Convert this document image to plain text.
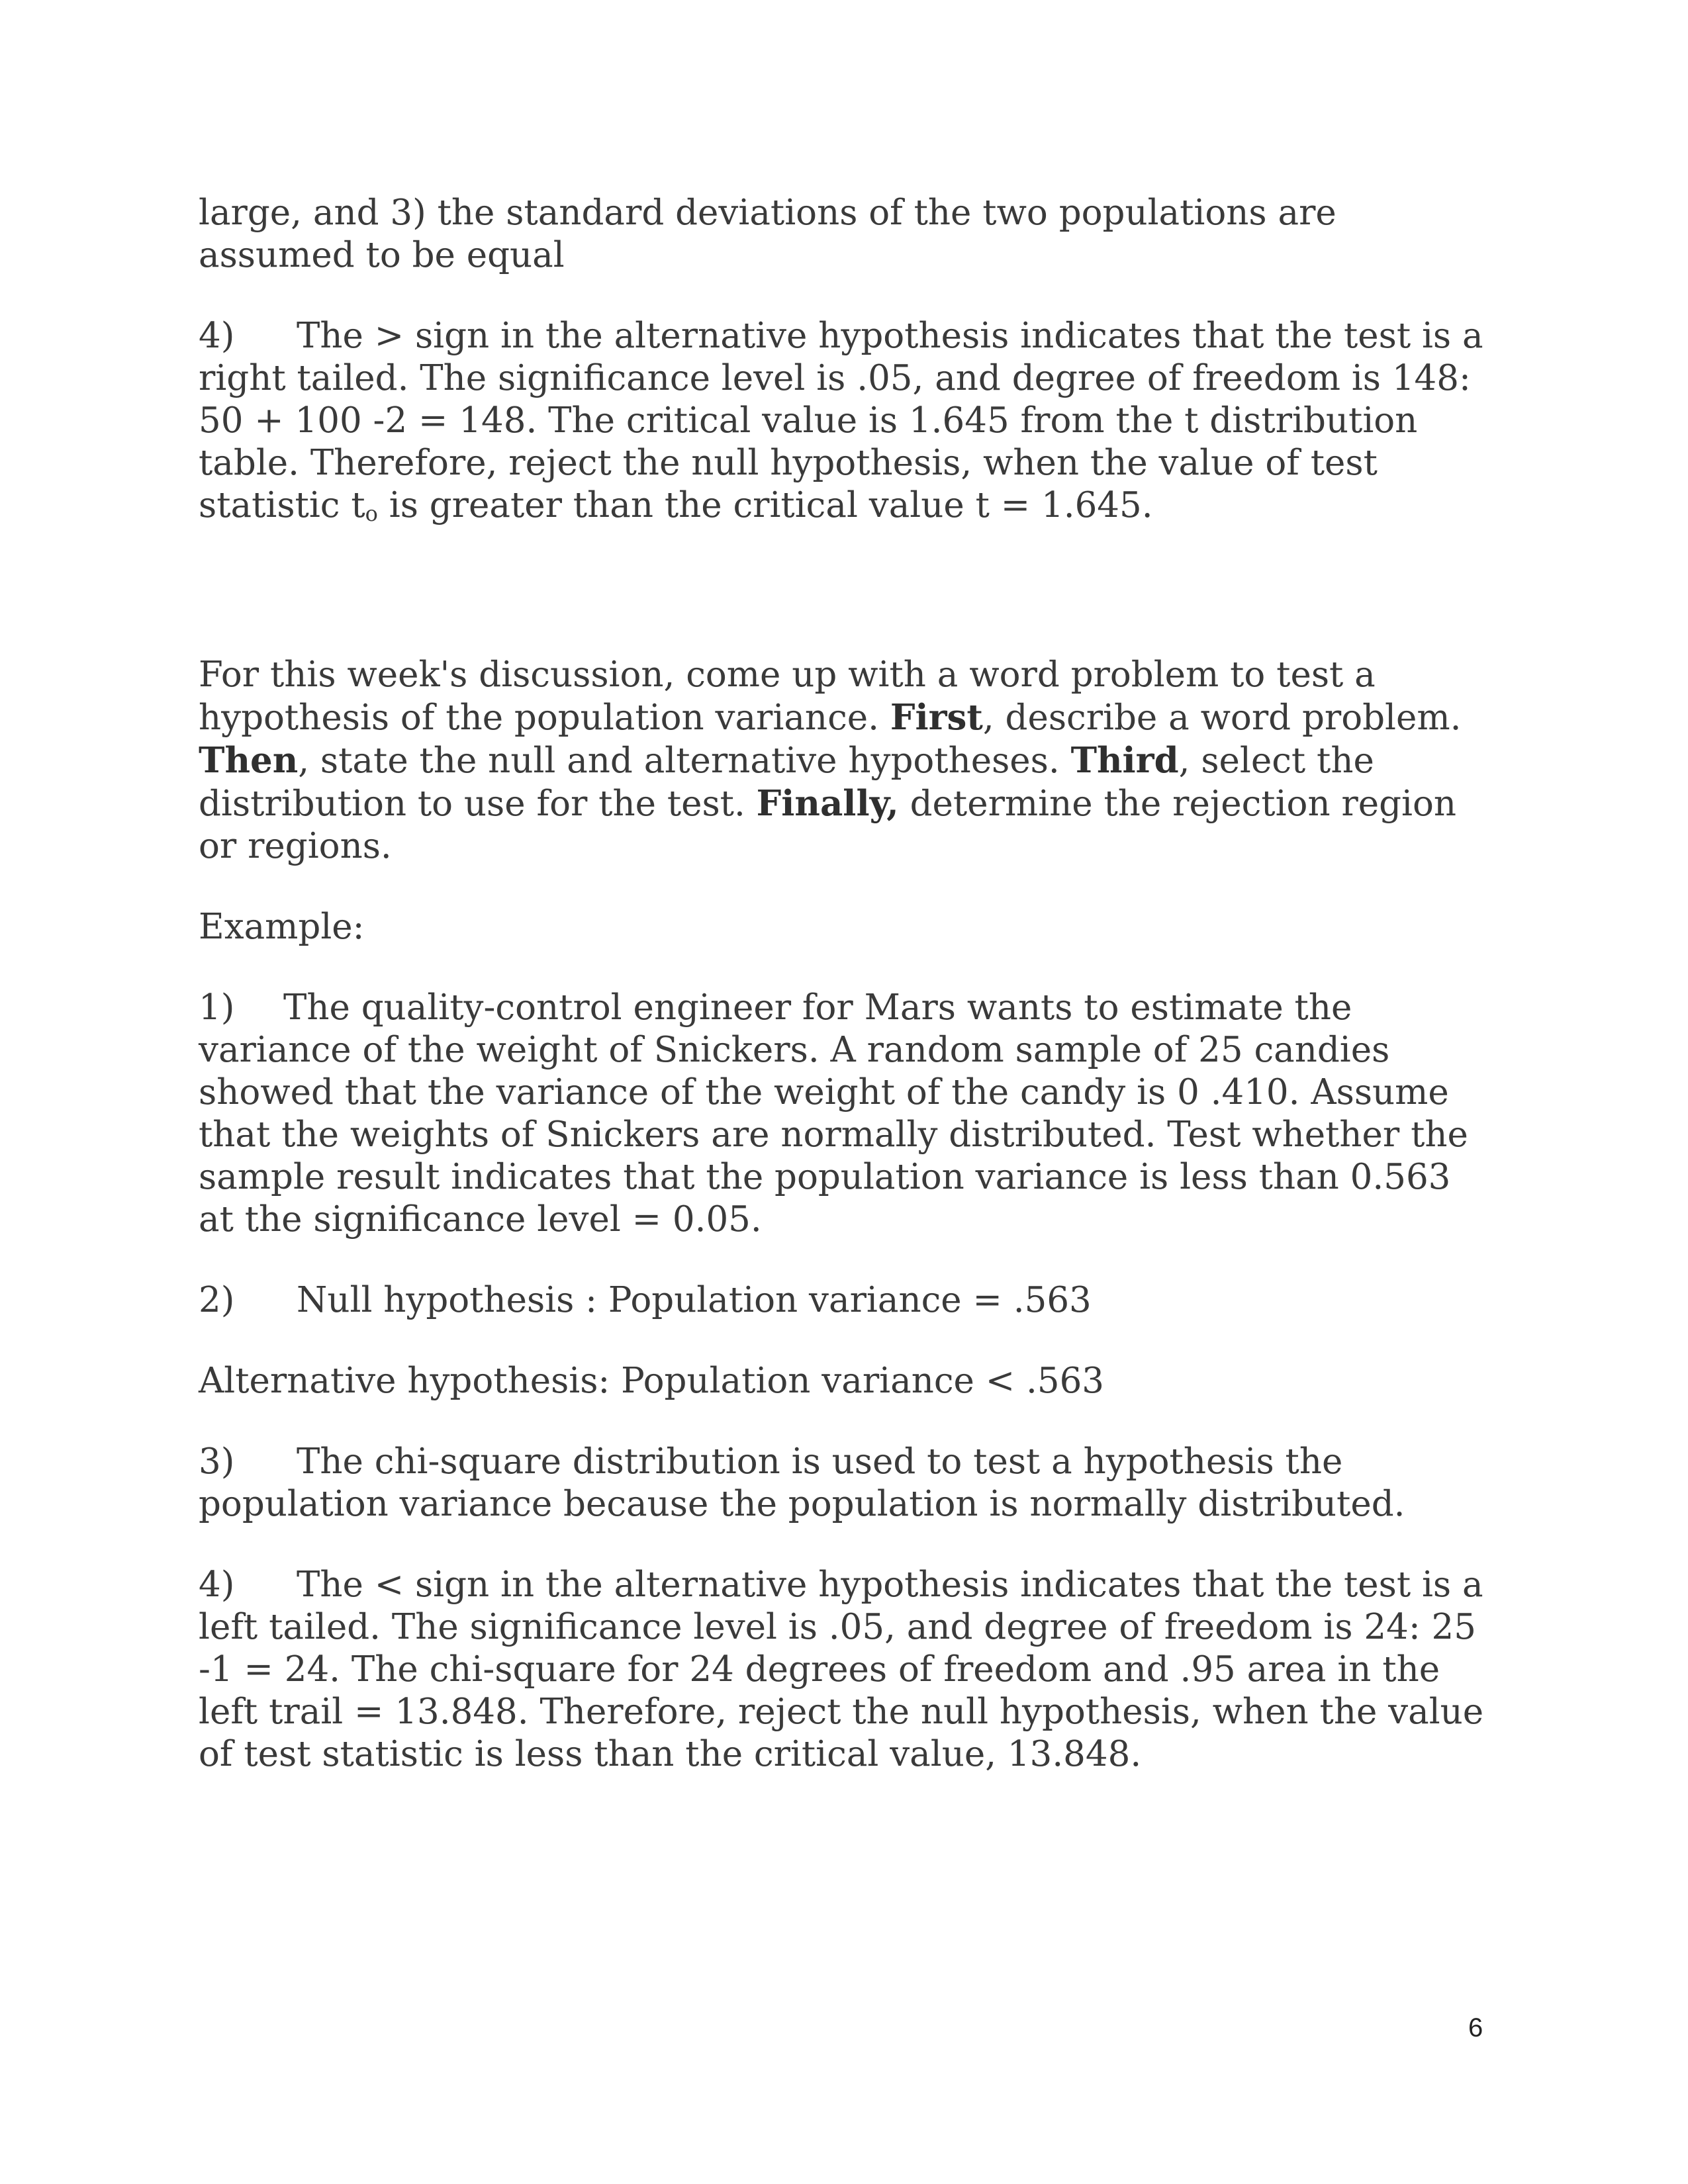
large, and 3) the standard deviations of the two populations are assumed to be equal

4) The > sign in the alternative hypothesis indicates that the test is a right tailed. The significance level is .05, and degree of freedom is 148: 50 + 100 -2 = 148. The critical value is 1.645 from the t distribution table. Therefore, reject the null hypothesis, when the value of test statistic to is greater than the critical value t = 1.645.

For this week's discussion, come up with a word problem to test a hypothesis of the population variance. First, describe a word problem. Then, state the null and alternative hypotheses. Third, select the distribution to use for the test. Finally, determine the rejection region or regions.

Example:

1) The quality-control engineer for Mars wants to estimate the variance of the weight of Snickers. A random sample of 25 candies showed that the variance of the weight of the candy is 0 .410. Assume that the weights of Snickers are normally distributed. Test whether the sample result indicates that the population variance is less than 0.563 at the significance level = 0.05.

2) Null hypothesis : Population variance = .563

Alternative hypothesis: Population variance < .563

3) The chi-square distribution is used to test a hypothesis the population variance because the population is normally distributed.

4) The < sign in the alternative hypothesis indicates that the test is a left tailed. The significance level is .05, and degree of freedom is 24: 25 -1 = 24. The chi-square for 24 degrees of freedom and .95 area in the left trail = 13.848. Therefore, reject the null hypothesis, when the value of test statistic is less than the critical value, 13.848.

6
